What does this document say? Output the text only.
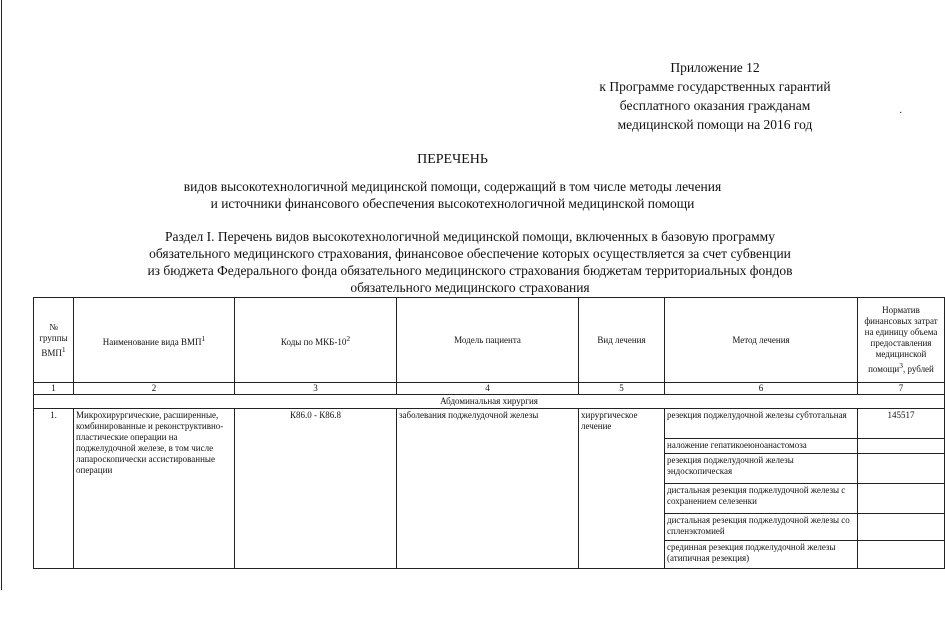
Приложение 12
к Программе государственных гарантий
бесплатного оказания гражданам
медицинской помощи на 2016 год
·
ПЕРЕЧЕНЬ
видов высокотехнологичной медицинской помощи, содержащий в том числе методы лечения
и источники финансового обеспечения высокотехнологичной медицинской помощи
Раздел I. Перечень видов высокотехнологичной медицинской помощи, включенных в базовую программу
обязательного медицинского страхования, финансовое обеспечение которых осуществляется за счет субвенции
из бюджета Федерального фонда обязательного медицинского страхования бюджетам территориальных фондов
обязательного медицинского страхования
№ группы ВМП$^1$	Наименование вида ВМП$^1$	Коды по МКБ-$10^2$	Модель пациента	Вид лечения	Метод лечения	Норматив финансовых затрат на единицу объема предоставления медицинской помощи$^3$, рублей
1	2	3	4	5	6	7
Абдоминальная хирургия						
1.	Микрохирургические, расширенные, комбинированные и реконструктивно-пластические операции на поджелудочной железе, в том числе лапароскопически ассистированные операции	К86.0 - К86.8	заболевания поджелудочной железы	хирургическое лечение	резекция поджелудочной железы субтотальная	145517
					наложение гепатикоеюноанастомоза	
					резекция поджелудочной железы эндоскопическая	
					дистальная резекция поджелудочной железы с сохранением селезенки	
					дистальная резекция поджелудочной железы со спленэктомией	
					срединная резекция поджелудочной железы (атипичная резекция)	
